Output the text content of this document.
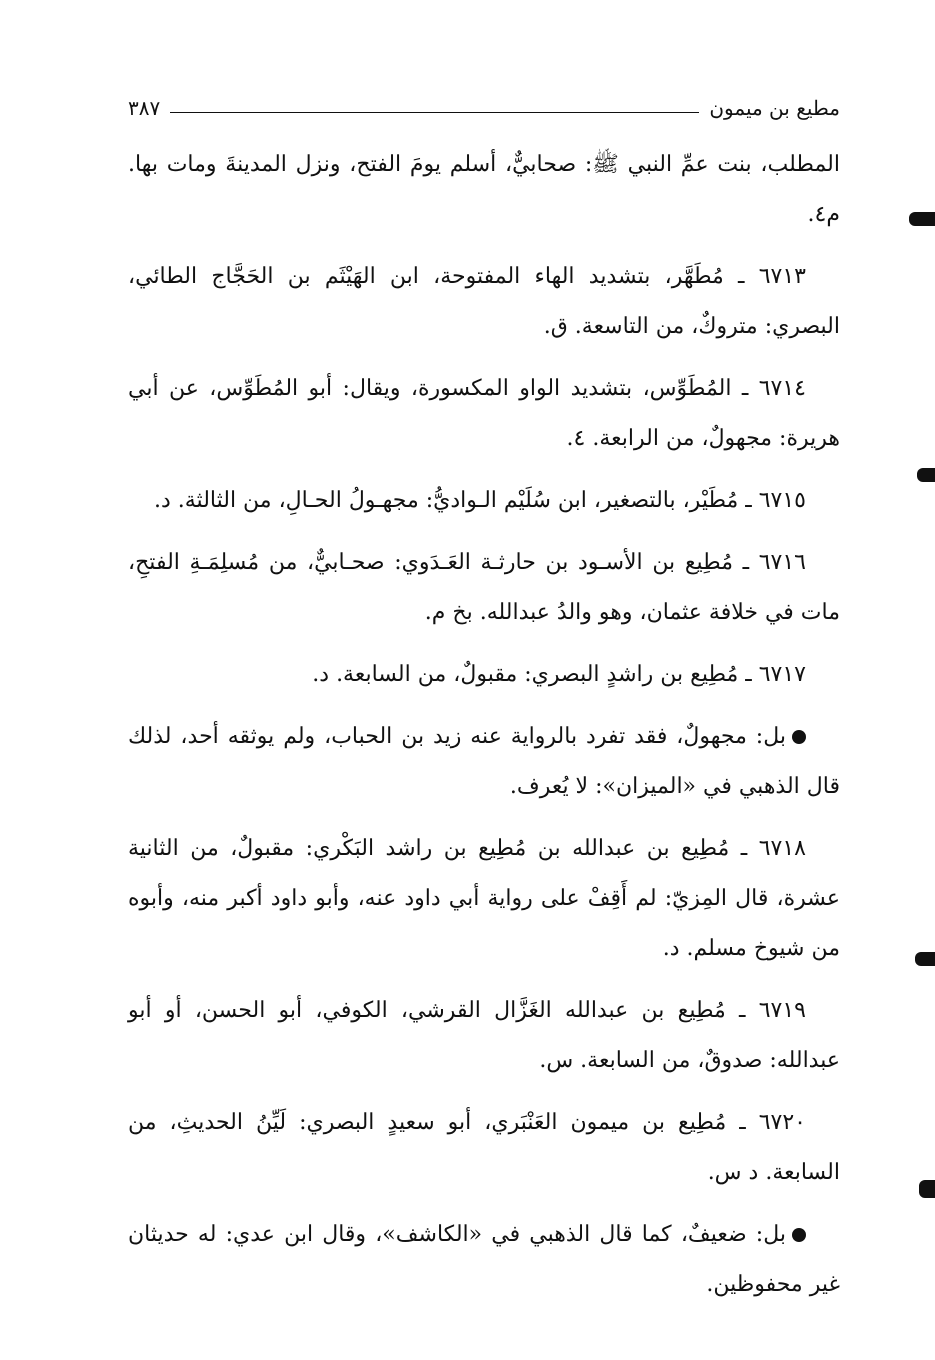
مطيع بن ميمون
٣٨٧

المطلب، بنت عمِّ النبي ﷺ: صحابيٌّ، أسلم يومَ الفتح، ونزل المدينةَ ومات بها. م٤.

٦٧١٣ ـ مُطَهَّر، بتشديد الهاء المفتوحة، ابن الهَيْثَم بن الحَجَّاج الطائي، البصري: متروكٌ، من التاسعة. ق.

٦٧١٤ ـ المُطَوِّس، بتشديد الواو المكسورة، ويقال: أبو المُطَوِّس، عن أبي هريرة: مجهولٌ، من الرابعة. ٤.

٦٧١٥ ـ مُطَيْر، بالتصغير، ابن سُلَيْم الـواديُّ: مجهـولُ الحـالِ، من الثالثة. د.

٦٧١٦ ـ مُطِيع بن الأسـود بن حارثـة العَـدَوي: صحـابيٌّ، من مُسلِمَـةِ الفتحِ، مات في خلافة عثمان، وهو والدُ عبدالله. بخ م.

٦٧١٧ ـ مُطِيع بن راشدٍ البصري: مقبولٌ، من السابعة. د.

بل: مجهولٌ، فقد تفرد بالرواية عنه زيد بن الحباب، ولم يوثقه أحد، لذلك قال الذهبي في «الميزان»: لا يُعرف.

٦٧١٨ ـ مُطِيع بن عبدالله بن مُطِيع بن راشد البَكْري: مقبولٌ، من الثانية عشرة، قال المِزيّ: لم أَقِفْ على رواية أبي داود عنه، وأبو داود أكبر منه، وأبوه من شيوخ مسلم. د.

٦٧١٩ ـ مُطِيع بن عبدالله الغَزَّال القرشي، الكوفي، أبو الحسن، أو أبو عبدالله: صدوقٌ، من السابعة. س.

٦٧٢٠ ـ مُطِيع بن ميمون العَنْبَري، أبو سعيدٍ البصري: لَيِّنُ الحديثِ، من السابعة. د س.

بل: ضعيفٌ، كما قال الذهبي في «الكاشف»، وقال ابن عدي: له حديثان غير محفوظين.
